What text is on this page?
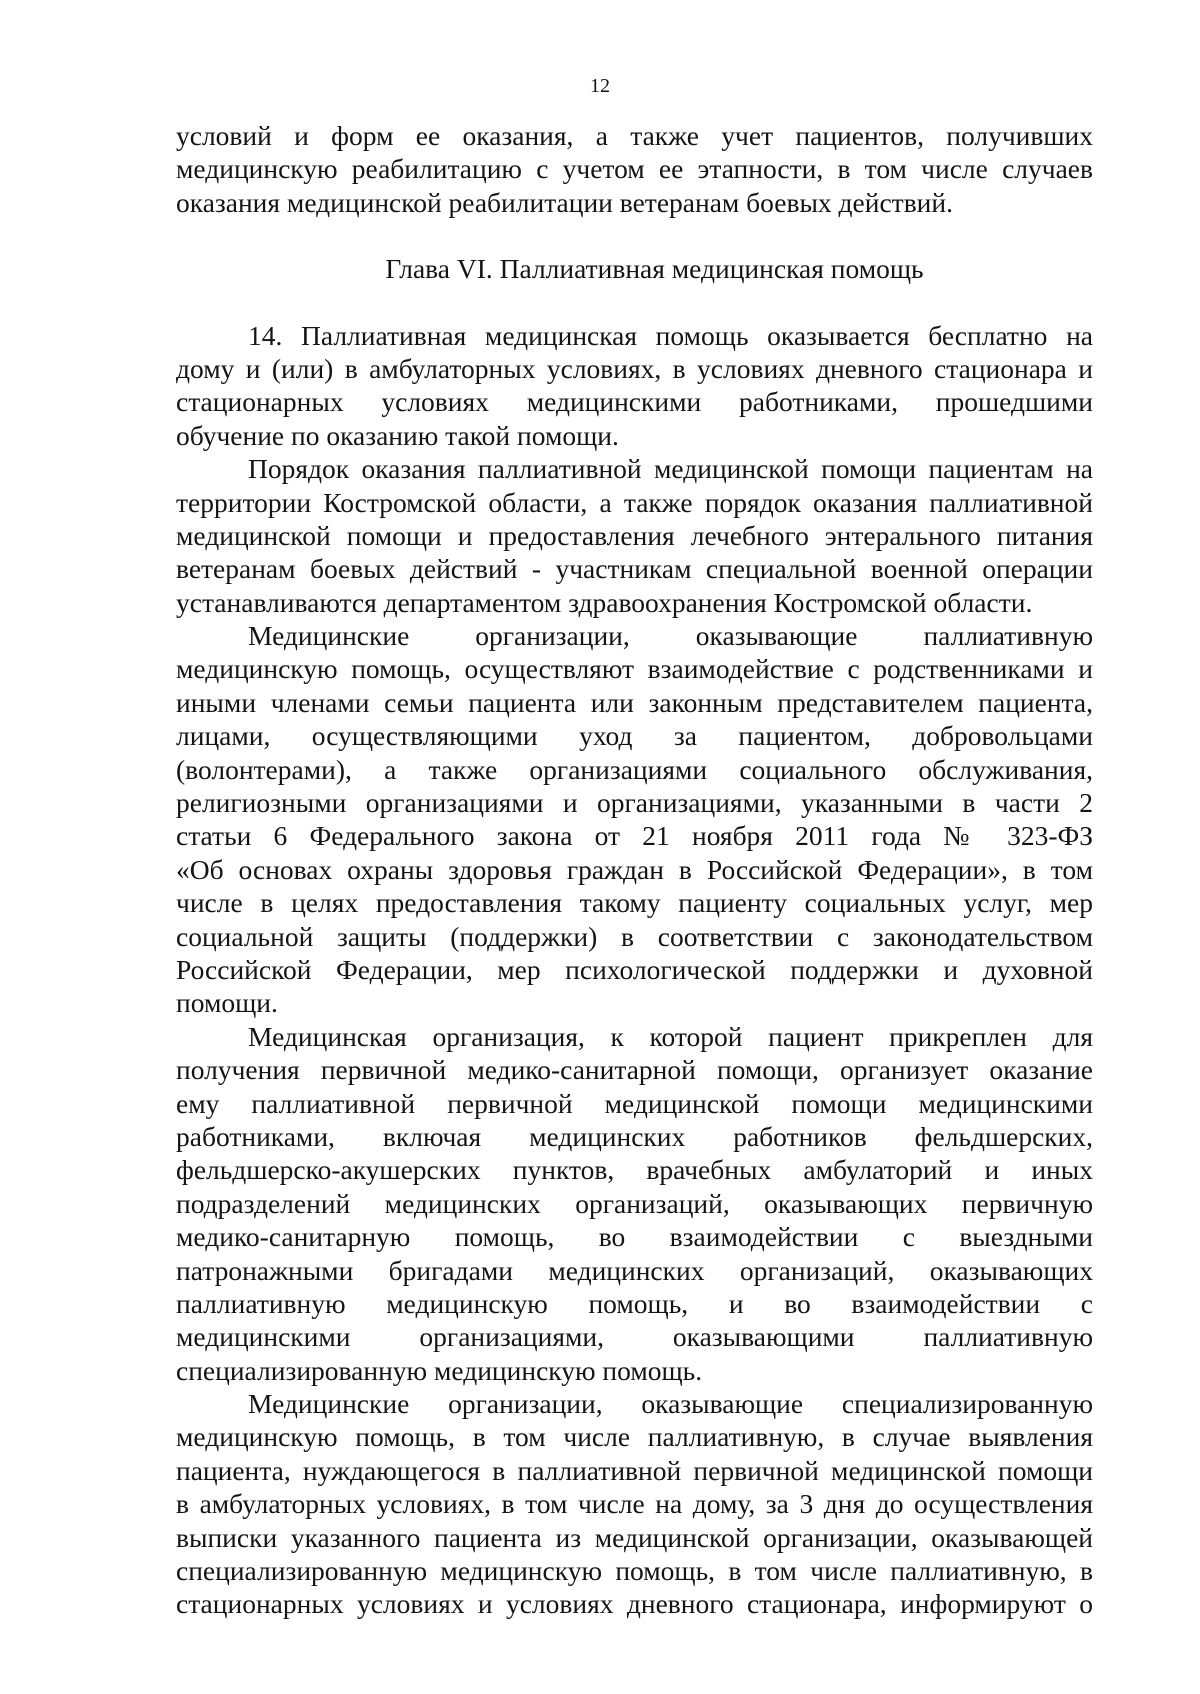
12
условий и форм ее оказания, а также учет пациентов, получивших
медицинскую реабилитацию с учетом ее этапности, в том числе случаев
оказания медицинской реабилитации ветеранам боевых действий.
Глава VI. Паллиативная медицинская помощь
14. Паллиативная медицинская помощь оказывается бесплатно на
дому и (или) в амбулаторных условиях, в условиях дневного стационара и
стационарных условиях медицинскими работниками, прошедшими
обучение по оказанию такой помощи.
Порядок оказания паллиативной медицинской помощи пациентам на
территории Костромской области, а также порядок оказания паллиативной
медицинской помощи и предоставления лечебного энтерального питания
ветеранам боевых действий - участникам специальной военной операции
устанавливаются департаментом здравоохранения Костромской области.
Медицинские организации, оказывающие паллиативную
медицинскую помощь, осуществляют взаимодействие с родственниками и
иными членами семьи пациента или законным представителем пациента,
лицами, осуществляющими уход за пациентом, добровольцами
(волонтерами), а также организациями социального обслуживания,
религиозными организациями и организациями, указанными в части 2
статьи 6 Федерального закона от 21 ноября 2011 года № 323-ФЗ
«Об основах охраны здоровья граждан в Российской Федерации», в том
числе в целях предоставления такому пациенту социальных услуг, мер
социальной защиты (поддержки) в соответствии с законодательством
Российской Федерации, мер психологической поддержки и духовной
помощи.
Медицинская организация, к которой пациент прикреплен для
получения первичной медико-санитарной помощи, организует оказание
ему паллиативной первичной медицинской помощи медицинскими
работниками, включая медицинских работников фельдшерских,
фельдшерско-акушерских пунктов, врачебных амбулаторий и иных
подразделений медицинских организаций, оказывающих первичную
медико-санитарную помощь, во взаимодействии с выездными
патронажными бригадами медицинских организаций, оказывающих
паллиативную медицинскую помощь, и во взаимодействии с
медицинскими организациями, оказывающими паллиативную
специализированную медицинскую помощь.
Медицинские организации, оказывающие специализированную
медицинскую помощь, в том числе паллиативную, в случае выявления
пациента, нуждающегося в паллиативной первичной медицинской помощи
в амбулаторных условиях, в том числе на дому, за 3 дня до осуществления
выписки указанного пациента из медицинской организации, оказывающей
специализированную медицинскую помощь, в том числе паллиативную, в
стационарных условиях и условиях дневного стационара, информируют о
